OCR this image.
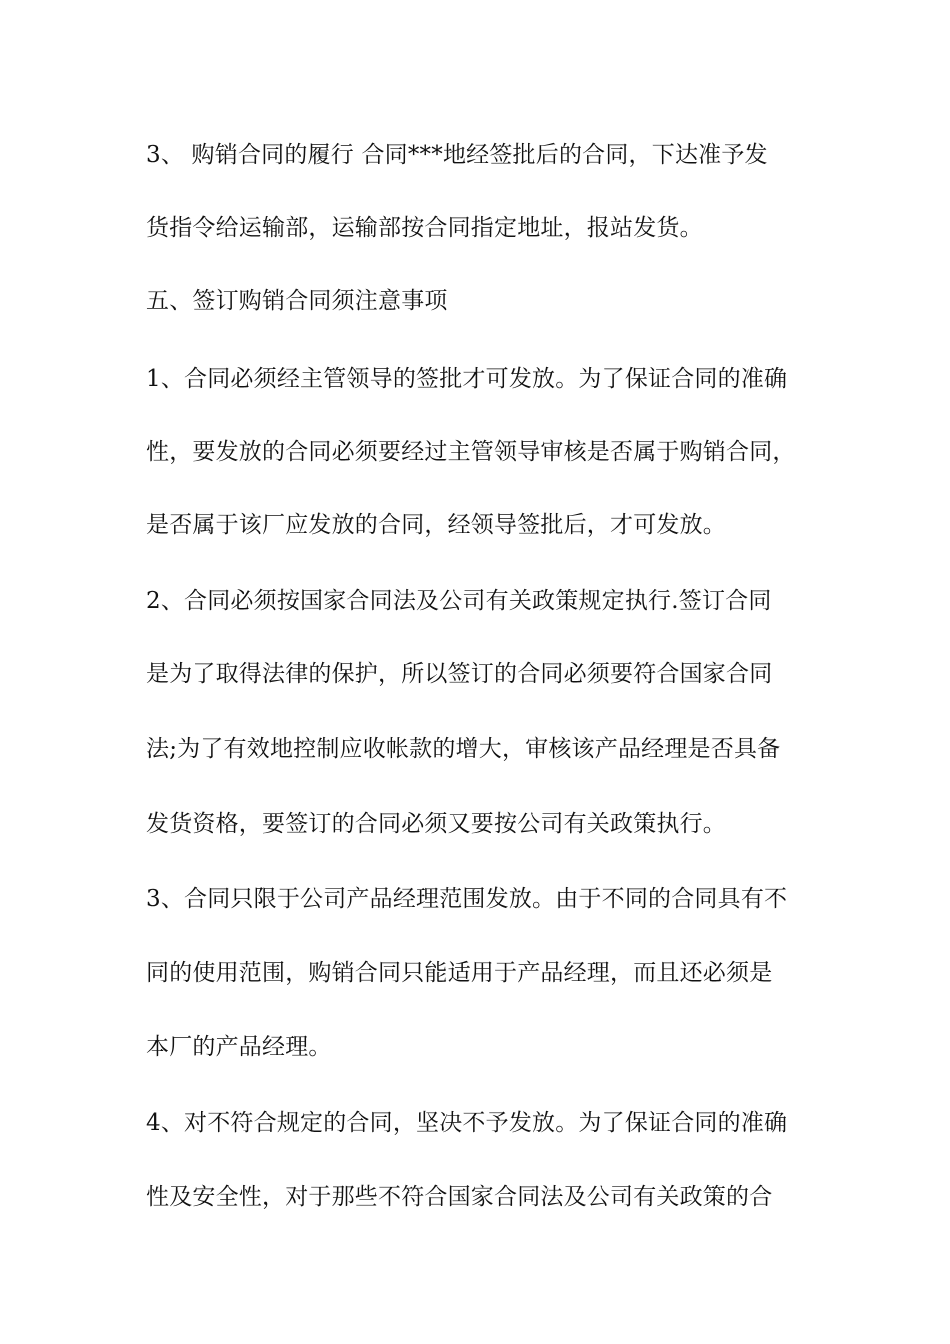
3、 购销合同的履行 合同***地经签批后的合同，下达准予发

货指令给运输部，运输部按合同指定地址，报站发货。

五、签订购销合同须注意事项

1、合同必须经主管领导的签批才可发放。为了保证合同的准确

性，要发放的合同必须要经过主管领导审核是否属于购销合同，

是否属于该厂应发放的合同，经领导签批后，才可发放。

2、合同必须按国家合同法及公司有关政策规定执行.签订合同

是为了取得法律的保护，所以签订的合同必须要符合国家合同

法;为了有效地控制应收帐款的增大，审核该产品经理是否具备

发货资格，要签订的合同必须又要按公司有关政策执行。

3、合同只限于公司产品经理范围发放。由于不同的合同具有不

同的使用范围，购销合同只能适用于产品经理，而且还必须是

本厂的产品经理。

4、对不符合规定的合同，坚决不予发放。为了保证合同的准确

性及安全性，对于那些不符合国家合同法及公司有关政策的合
